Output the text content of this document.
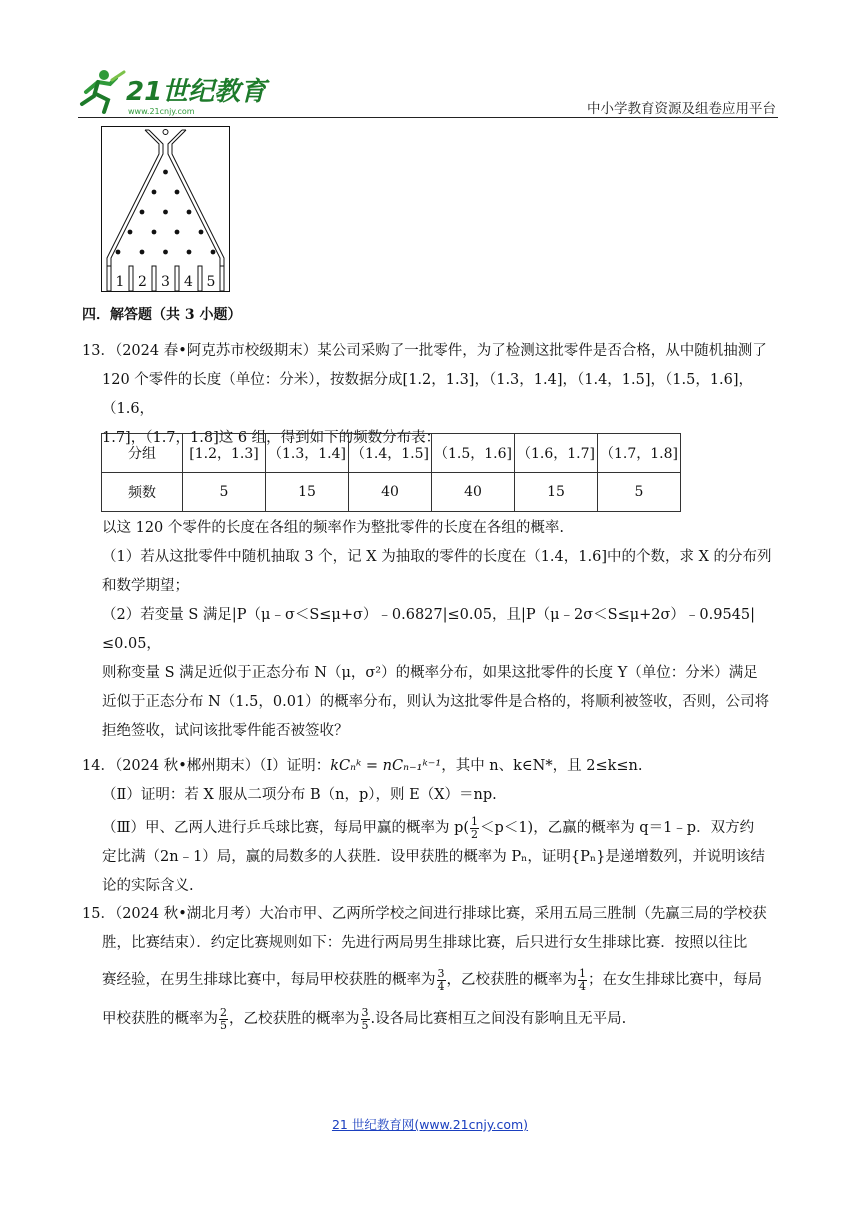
21世纪教育
www.21cnjy.com	中小学教育资源及组卷应用平台
1 2 3 4 5
四．解答题（共 3 小题）
13．（2024 春•阿克苏市校级期末）某公司采购了一批零件，为了检测这批零件是否合格，从中随机抽测了
120 个零件的长度（单位：分米），按数据分成[1.2，1.3]，（1.3，1.4]，（1.4，1.5]，（1.5，1.6]，（1.6，
1.7]，（1.7，1.8]这 6 组，得到如下的频数分布表：
分组	[1.2，1.3]	（1.3，1.4]	（1.4，1.5]	（1.5，1.6]	（1.6，1.7]	（1.7，1.8]
频数	5	15	40	40	15	5
以这 120 个零件的长度在各组的频率作为整批零件的长度在各组的概率.
（1）若从这批零件中随机抽取 3 个，记 X 为抽取的零件的长度在（1.4，1.6]中的个数，求 X 的分布列
和数学期望；
（2）若变量 S 满足|P（μ﹣σ＜S≤μ+σ）﹣0.6827|≤0.05，且|P（μ﹣2σ＜S≤μ+2σ）﹣0.9545|≤0.05，
则称变量 S 满足近似于正态分布 N（μ，σ²）的概率分布，如果这批零件的长度 Y（单位：分米）满足
近似于正态分布 N（1.5，0.01）的概率分布，则认为这批零件是合格的，将顺利被签收，否则，公司将
拒绝签收，试问该批零件能否被签收？
14．（2024 秋•郴州期末）（Ⅰ）证明：kCₙᵏ = nCₙ₋₁ᵏ⁻¹，其中 n、k∈N*，且 2≤k≤n.
（Ⅱ）证明：若 X 服从二项分布 B（n，p），则 E（X）＝np.
（Ⅲ）甲、乙两人进行乒乓球比赛，每局甲赢的概率为 $p( \frac{1}{2} <p<1)$，乙赢的概率为 q＝1﹣p．双方约
定比满（2n﹣1）局，赢的局数多的人获胜．设甲获胜的概率为 Pₙ，证明{Pₙ}是递增数列，并说明该结
论的实际含义.
15．（2024 秋•湖北月考）大冶市甲、乙两所学校之间进行排球比赛，采用五局三胜制（先赢三局的学校获
胜，比赛结束）．约定比赛规则如下：先进行两局男生排球比赛，后只进行女生排球比赛．按照以往比
赛经验，在男生排球比赛中，每局甲校获胜的概率为 $\frac{3}{4}$ ，乙校获胜的概率为 $\frac{1}{4}$ ；在女生排球比赛中，每局
甲校获胜的概率为 $\frac{2}{5}$ ，乙校获胜的概率为 $\frac{3}{5}$ .设各局比赛相互之间没有影响且无平局.
21 世纪教育网(www.21cnjy.com)
